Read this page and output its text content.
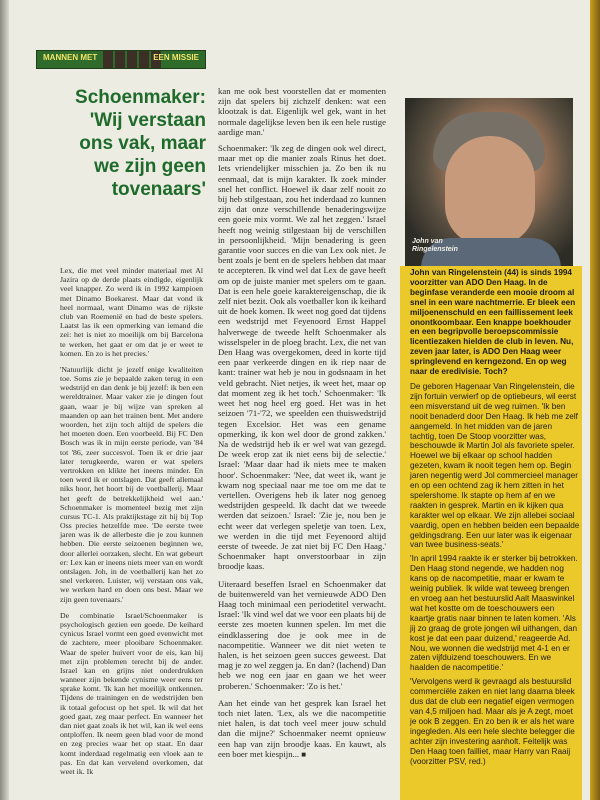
MANNEN MET	EEN MISSIE
Schoenmaker: 'Wij verstaan ons vak, maar we zijn geen tovenaars'

Lex, die met veel minder materiaal met Al Jazira op de derde plaats eindigde, eigenlijk veel knapper. Zo werd ik in 1992 kampioen met Dinamo Boekarest. Maar dat vond ik heel normaal, want Dinamo was de rijkste club van Roemenië en had de beste spelers. Laatst las ik een opmerking van iemand die zei: het is niet zo moeilijk om bij Barcelona te werken, het gaat er om dat je er weet te komen. En zo is het precies.'

'Natuurlijk dicht je jezelf enige kwaliteiten toe. Soms zie je bepaalde zaken terug in een wedstrijd en dan denk je bij jezelf: ik ben een wereldtrainer. Maar vaker zie je dingen fout gaan, waar je bij wijze van spreken al maanden op aan het trainen bent. Met andere woorden, het zijn toch altijd de spelers die het moeten doen. Een voorbeeld. Bij FC Den Bosch was ik in mijn eerste periode, van '84 tot '86, zeer succesvol. Toen ik er drie jaar later terugkeerde, waren er wat spelers vertrokken en klikte het ineens minder. En toen werd ik er ontslagen. Dat geeft allemaal niks hoor, het hoort bij de voetballerij. Maar het geeft de betrekkelijkheid wel aan.' Schoenmaker is momenteel bezig met zijn cursus TC-1. Als praktijkstage zit hij bij Top Oss precies hetzelfde mee. 'De eerste twee jaren was ik de allerbeste die je zou kunnen hebben. Die eerste seizoenen beginnen we, door allerlei oorzaken, slecht. En wat gebeurt er: Lex kan er ineens niets meer van en wordt ontslagen. Joh, in de voetballerij kan het zo snel verkeren. Luister, wij verstaan ons vak, we werken hard en doen ons best. Maar we zijn geen tovenaars.'

De combinatie Israel/Schoenmaker is psychologisch gezien een goede. De keihard cynicus Israel vormt een goed evenwicht met de zachtere, meer plooibare Schoenmaker. Waar de speler huivert voor de eis, kan hij met zijn problemen terecht bij de ander. Israel kan en grijns niet onderdrukken wanneer zijn bekende cynisme weer eens ter sprake komt. 'Ik kan het moeilijk ontkennen. Tijdens de trainingen en de wedstrijden ben ik totaal gefocust op het spel. Ik wil dat het goed gaat, zeg maar perfect. En wanneer het dan niet gaat zoals ik het wil, kan ik wel eens ontploffen. Ik neem geen blad voor de mond en zeg precies waar het op staat. En daar komt inderdaad regelmatig een vloek aan te pas. En dat kan vervelend overkomen, dat weet ik. Ik

kan me ook best voorstellen dat er momenten zijn dat spelers bij zichzelf denken: wat een klootzak is dat. Eigenlijk wel gek, want in het normale dagelijkse leven ben ik een hele rustige aardige man.'

Schoenmaker: 'Ik zeg de dingen ook wel direct, maar met op die manier zoals Rinus het doet. Iets vriendelijker misschien ja. Zo ben ik nu eenmaal, dat is mijn karakter. Ik zoek minder snel het conflict. Hoewel ik daar zelf nooit zo bij heb stilgestaan, zou het inderdaad zo kunnen zijn dat onze verschillende benaderingswijze een goeie mix vormt. We zal het zeggen.' Israel heeft nog weinig stilgestaan bij de verschillen in persoonlijkheid. 'Mijn benadering is geen garantie voor succes en die van Lex ook niet. Je bent zoals je bent en de spelers hebben dat maar te accepteren. Ik vind wel dat Lex de gave heeft om op de juiste manier met spelers om te gaan. Dat is een hele goeie karaktereigenschap, die ik zelf niet bezit. Ook als voetballer kon ik keihard uit de hoek komen. Ik weet nog goed dat tijdens een wedstrijd met Feyenoord Ernst Happel halverwege de tweede helft Schoenmaker als wisselspeler in de ploeg bracht. Lex, die net van Den Haag was overgekomen, deed in korte tijd een paar verkeerde dingen en ik riep naar de kant: trainer wat heb je nou in godsnaam in het veld gebracht. Niet netjes, ik weet het, maar op dat moment zeg ik het toch.' Schoenmaker: 'Ik weet het nog heel erg goed. Het was in het seizoen '71-'72, we speelden een thuiswedstrijd tegen Excelsior. Het was een gename opmerking, ik kon wel door de grond zakken.' Na de wedstrijd heb ik er wel wat van gezegd. De week erop zat ik niet eens bij de selectie.' Israel: 'Maar daar had ik niets mee te maken hoor'. Schoenmaker: 'Nee, dat weet ik, want je kwam nog speciaal naar me toe om me dat te vertellen. Overigens heb ik later nog genoeg wedstrijden gespeeld. Ik dacht dat we tweede werden dat seizoen.' Israel: 'Zie je, nou ben je echt weer dat verlegen speletje van toen. Lex, we werden in die tijd met Feyenoord altijd eerste of tweede. Je zat niet bij FC Den Haag.' Schoenmaker hapt onverstoorbaar in zijn broodje kaas.

Uiteraard beseffen Israel en Schoenmaker dat de buitenwereld van het vernieuwde ADO Den Haag toch minimaal een periodetitel verwacht. Israel: 'Ik vind wel dat we voor een plaats bij de eerste zes moeten kunnen spelen. Im met die eindklassering doe je ook mee in de nacompetitie. Wanneer we dit niet weten te halen, is het seizoen geen succes geweest. Dat mag je zo wel zeggen ja. En dan? (lachend) Dan heb we nog een jaar en gaan we het weer proberen.' Schoenmaker: 'Zo is het.'

Aan het einde van het gesprek kan Israel het toch niet laten. 'Lex, als we die nacompetitie niet halen, is dat toch veel meer jouw schuld dan die mijne?' Schoenmaker neemt opnieuw een hap van zijn broodje kaas. En kauwt, als een boer met kiespijn... ■

John van Ringelenstein

John van Ringelenstein (44) is sinds 1994 voorzitter van ADO Den Haag. In de beginfase veranderde een mooie droom al snel in een ware nachtmerrie. Er bleek een miljoenenschuld en een faillissement leek onontkoombaar. Een knappe boekhouder en een begripvolle beroepscommissie licentiezaken hielden de club in leven. Nu, zeven jaar later, is ADO Den Haag weer springlevend en kerngezond. En op weg naar de eredivisie. Toch?

De geboren Hagenaar Van Ringelenstein, die zijn fortuin verwierf op de optiebeurs, wil eerst een misverstand uit de weg ruimen. 'Ik ben nooit benaderd door Den Haag. Ik heb me zelf aangemeld. In het midden van de jaren tachtig, toen De Stoop voorzitter was, beschouwde ik Martin Jol als favoriete speler. Hoewel we bij elkaar op school hadden gezeten, kwam ik nooit tegen hem op. Begin jaren negentig werd Jol commercieel manager en op een ochtend zag ik hem zitten in het spelershome. Ik stapte op hem af en we raakten in gesprek. Martin en ik kijken qua karakter wel op elkaar. We zijn allebei sociaal vaardig, open en hebben beiden een bepaalde geldingsdrang. Een uur later was ik eigenaar van twee business-seats.'

'In april 1994 raakte ik er sterker bij betrokken. Den Haag stond negende, we hadden nog kans op de nacompetitie, maar er kwam te weinig publiek. Ik wilde wat teweeg brengen en vroeg aan het bestuurslid Aalt Maaswinkel wat het kostte om de toeschouwers een kaartje gratis naar binnen te laten komen. 'Als jij zo graag de grote jongen wil uithangen, dan kost je dat een paar duizend,' reageerde Ad. Nou, we wonnen die wedstrijd met 4-1 en er zaten vijfduizend toeschouwers. En we haalden de nacompetitie.'

'Vervolgens werd ik gevraagd als bestuurslid commerciële zaken en niet lang daarna bleek dus dat de club een negatief eigen vermogen van 4,5 miljoen had. Maar als je A zegt, moet je ook B zeggen. En zo ben ik er als het ware ingegleden. Als een hele slechte belegger die achter zijn investering aanholt. Feitelijk was Den Haag toen failliet, maar Harry van Raaij (voorzitter PSV, red.)
